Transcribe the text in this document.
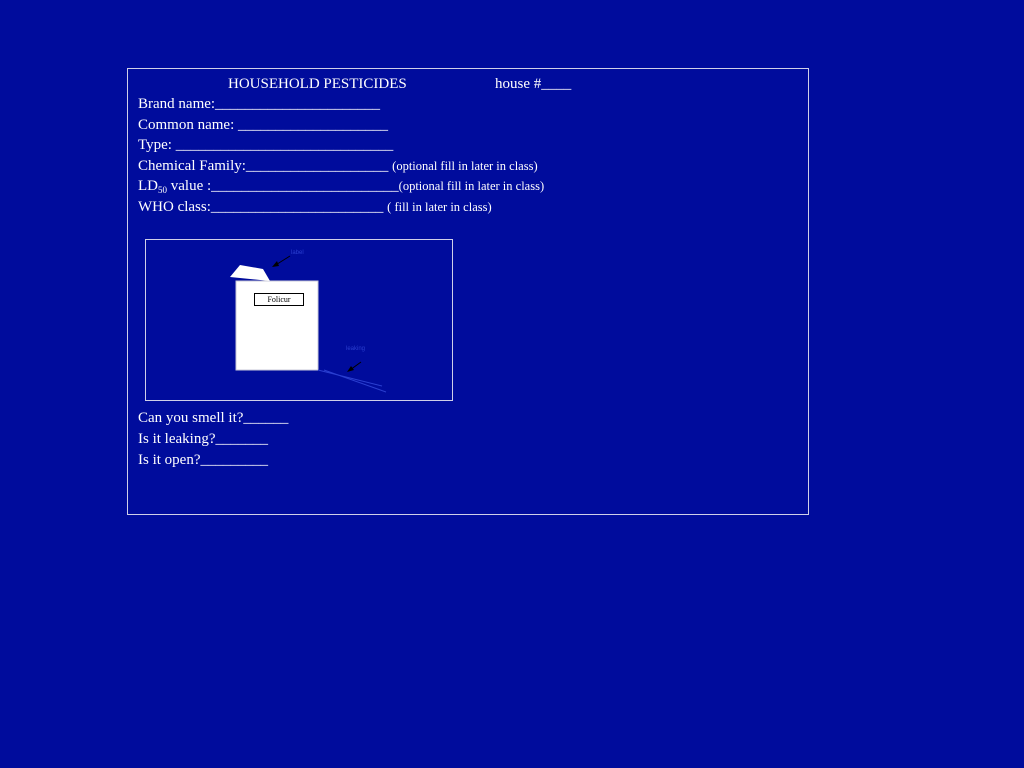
HOUSEHOLD PESTICIDES	house #____
Brand name:______________________
Common name: ____________________
Type: _____________________________
Chemical Family:___________________ (optional fill in later in class)
$LD_{50}$ value :_________________________(optional fill in later in class)
WHO class:_______________________ ( fill in later in class)
Folicur
label
leaking
Can you smell it?______
Is it leaking?_______
Is it open?_________
